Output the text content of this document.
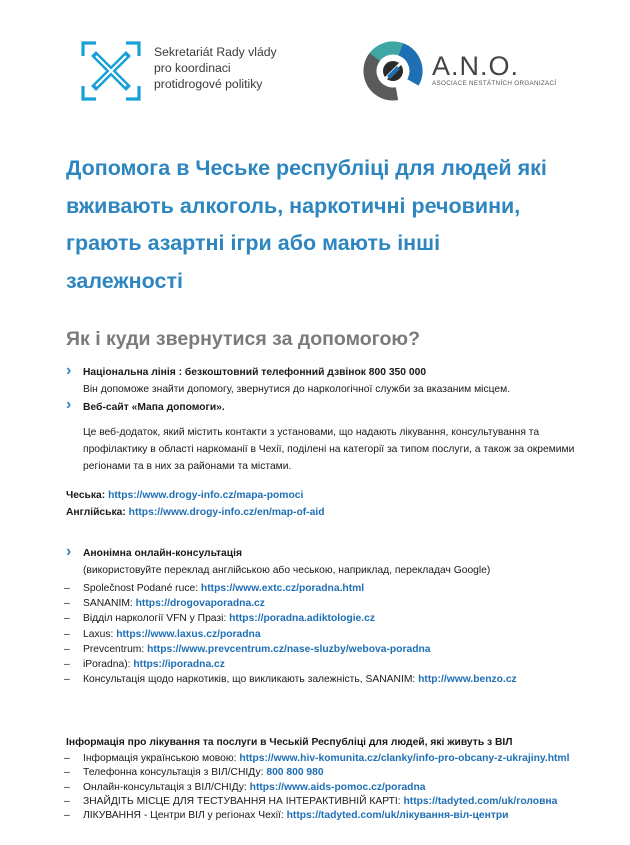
Sekretariát Rady vlády
pro koordinaci
protidrogové politiky
A.N.O.
ASOCIACE NESTÁTNÍCH ORGANIZACÍ
Допомога в Чеське республіці для людей які
вживають алкоголь, наркотичні речовини,
грають азартні ігри або мають інші
залежності
Як і куди звернутися за допомогою?
› Національна лінія : безкоштовний телефонний дзвінок 800 350 000
Він допоможе знайти допомогу, звернутися до наркологічної служби за вказаним місцем.
› Веб-сайт «Мапа допомоги».
Це веб-додаток, який містить контакти з установами, що надають лікування, консультування та
профілактику в області наркоманії в Чехії, поділені на категорії за типом послуги, а також за окремими
регіонами та в них за районами та містами.
Чеська: https://www.drogy-info.cz/mapa-pomoci
Англійська: https://www.drogy-info.cz/en/map-of-aid
› Анонімна онлайн-консультація
(використовуйте переклад англійською або чеською, наприклад, перекладач Google)
– Společnost Podané ruce: https://www.extc.cz/poradna.html
– SANANIM: https://drogovaporadna.cz
– Відділ наркології VFN у Празі: https://poradna.adiktologie.cz
– Laxus: https://www.laxus.cz/poradna
– Prevcentrum: https://www.prevcentrum.cz/nase-sluzby/webova-poradna
– iPoradna): https://iporadna.cz
– Консультація щодо наркотиків, що викликають залежність, SANANIM: http://www.benzo.cz
Інформація про лікування та послуги в Чеській Республіці для людей, які живуть з ВІЛ
– Інформація українською мовою: https://www.hiv-komunita.cz/clanky/info-pro-obcany-z-ukrajiny.html
– Телефонна консультація з ВІЛ/СНІДу: 800 800 980
– Онлайн-консультація з ВІЛ/СНІДу: https://www.aids-pomoc.cz/poradna
– ЗНАЙДІТЬ МІСЦЕ ДЛЯ ТЕСТУВАННЯ НА ІНТЕРАКТИВНІЙ КАРТІ: https://tadyted.com/uk/головна
– ЛІКУВАННЯ - Центри ВІЛ у регіонах Чехії: https://tadyted.com/uk/лікування-віл-центри
